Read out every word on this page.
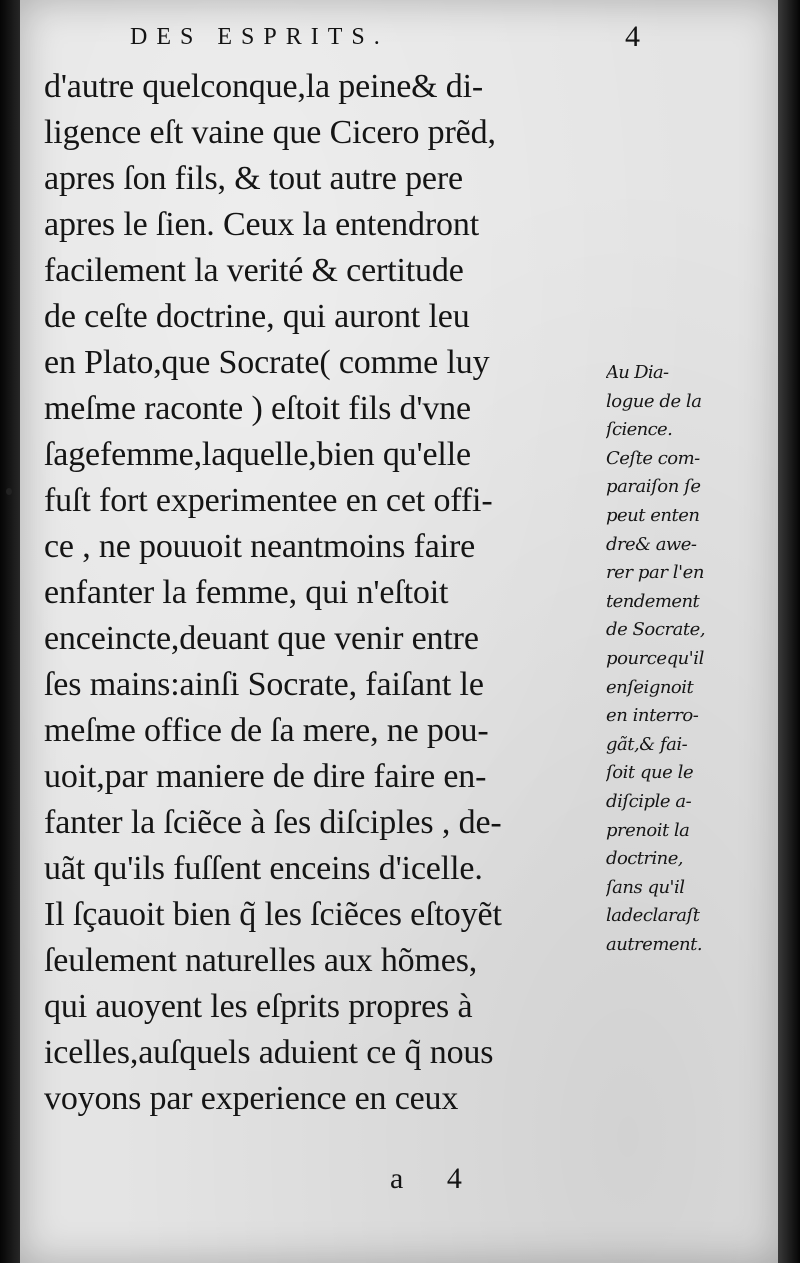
DES ESPRITS.	4
d'autre quelconque,la peine& di-
ligence eſt vaine que Cicero prẽd,
apres ſon fils, & tout autre pere
apres le ſien. Ceux la entendront
facilement la verité & certitude
de ceſte doctrine, qui auront leu
en Plato,que Socrate( comme luy
meſme raconte ) eſtoit fils d'vne
ſagefemme,laquelle,bien qu'elle
fuſt fort experimentee en cet offi-
ce , ne pouuoit neantmoins faire
enfanter la femme, qui n'eſtoit
enceincte,deuant que venir entre
ſes mains:ainſi Socrate, faiſant le
meſme office de ſa mere, ne pou-
uoit,par maniere de dire faire en-
fanter la ſciẽce à ſes diſciples , de-
uãt qu'ils fuſſent enceins d'icelle.
Il ſçauoit bien q̃ les ſciẽces eſtoyẽt
ſeulement naturelles aux hõmes,
qui auoyent les eſprits propres à
icelles,auſquels aduient ce q̃ nous
voyons par experience en ceux
Au Dia-
logue de la
ſcience.
Ceſte com-
paraiſon ſe
peut enten
dre& awe-
rer par l'en
tendement
de Socrate,
pourcequ'il
enſeignoit
en interro-
gãt,& fai-
ſoit que le
diſciple a-
prenoit la
doctrine,
ſans qu'il
ladeclaraſt
autrement.
a 4
